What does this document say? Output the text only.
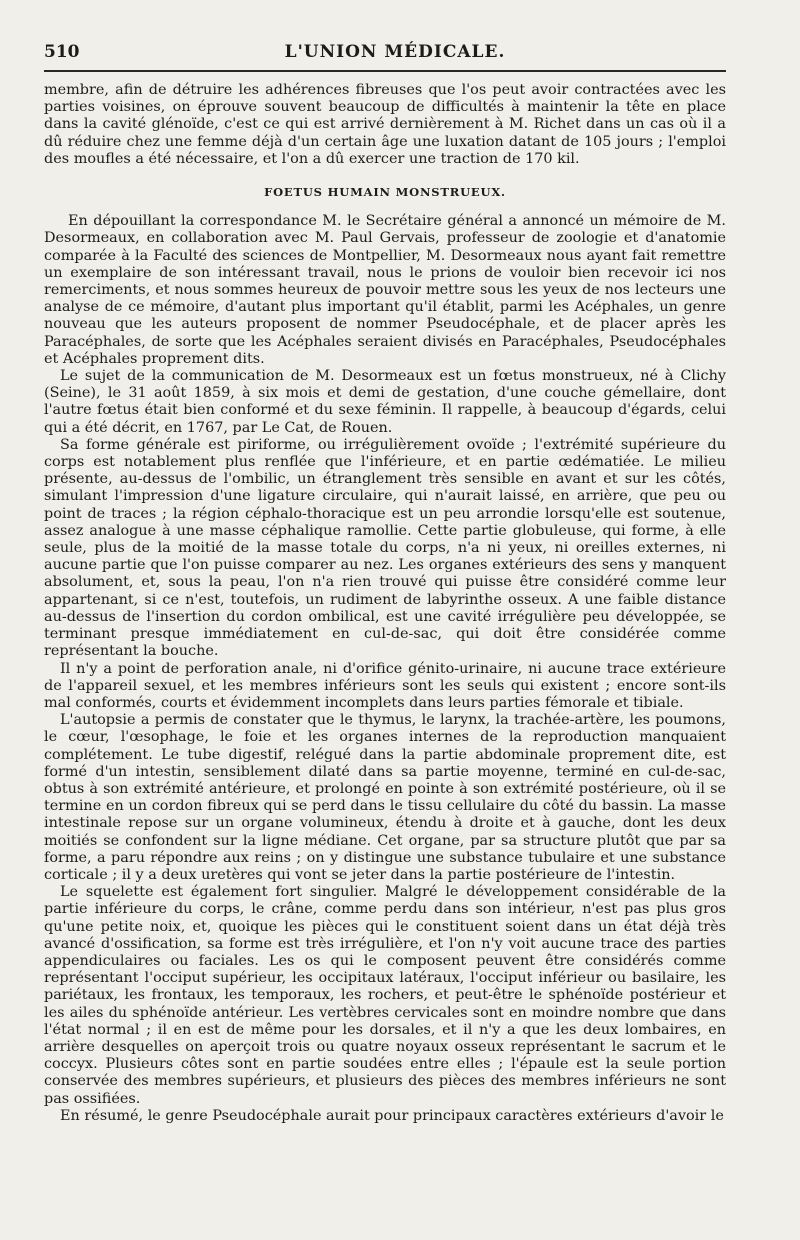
510	L'UNION MÉDICALE.

membre, afin de détruire les adhérences fibreuses que l'os peut avoir contractées avec les parties voisines, on éprouve souvent beaucoup de difficultés à maintenir la tête en place dans la cavité glénoïde, c'est ce qui est arrivé dernièrement à M. Richet dans un cas où il a dû réduire chez une femme déjà d'un certain âge une luxation datant de 105 jours ; l'emploi des moufles a été nécessaire, et l'on a dû exercer une traction de 170 kil.

FOETUS HUMAIN MONSTRUEUX.

En dépouillant la correspondance M. le Secrétaire général a annoncé un mémoire de M. Desormeaux, en collaboration avec M. Paul Gervais, professeur de zoologie et d'anatomie comparée à la Faculté des sciences de Montpellier, M. Desormeaux nous ayant fait remettre un exemplaire de son intéressant travail, nous le prions de vouloir bien recevoir ici nos remerciments, et nous sommes heureux de pouvoir mettre sous les yeux de nos lecteurs une analyse de ce mémoire, d'autant plus important qu'il établit, parmi les Acéphales, un genre nouveau que les auteurs proposent de nommer Pseudocéphale, et de placer après les Paracéphales, de sorte que les Acéphales seraient divisés en Paracéphales, Pseudocéphales et Acéphales proprement dits.

Le sujet de la communication de M. Desormeaux est un fœtus monstrueux, né à Clichy (Seine), le 31 août 1859, à six mois et demi de gestation, d'une couche gémellaire, dont l'autre fœtus était bien conformé et du sexe féminin. Il rappelle, à beaucoup d'égards, celui qui a été décrit, en 1767, par Le Cat, de Rouen.

Sa forme générale est piriforme, ou irrégulièrement ovoïde ; l'extrémité supérieure du corps est notablement plus renflée que l'inférieure, et en partie œdématiée. Le milieu présente, au-dessus de l'ombilic, un étranglement très sensible en avant et sur les côtés, simulant l'impression d'une ligature circulaire, qui n'aurait laissé, en arrière, que peu ou point de traces ; la région céphalo-thoracique est un peu arrondie lorsqu'elle est soutenue, assez analogue à une masse céphalique ramollie. Cette partie globuleuse, qui forme, à elle seule, plus de la moitié de la masse totale du corps, n'a ni yeux, ni oreilles externes, ni aucune partie que l'on puisse comparer au nez. Les organes extérieurs des sens y manquent absolument, et, sous la peau, l'on n'a rien trouvé qui puisse être considéré comme leur appartenant, si ce n'est, toutefois, un rudiment de labyrinthe osseux. A une faible distance au-dessus de l'insertion du cordon ombilical, est une cavité irrégulière peu développée, se terminant presque immédiatement en cul-de-sac, qui doit être considérée comme représentant la bouche.

Il n'y a point de perforation anale, ni d'orifice génito-urinaire, ni aucune trace extérieure de l'appareil sexuel, et les membres inférieurs sont les seuls qui existent ; encore sont-ils mal conformés, courts et évidemment incomplets dans leurs parties fémorale et tibiale.

L'autopsie a permis de constater que le thymus, le larynx, la trachée-artère, les poumons, le cœur, l'œsophage, le foie et les organes internes de la reproduction manquaient complétement. Le tube digestif, relégué dans la partie abdominale proprement dite, est formé d'un intestin, sensiblement dilaté dans sa partie moyenne, terminé en cul-de-sac, obtus à son extrémité antérieure, et prolongé en pointe à son extrémité postérieure, où il se termine en un cordon fibreux qui se perd dans le tissu cellulaire du côté du bassin. La masse intestinale repose sur un organe volumineux, étendu à droite et à gauche, dont les deux moitiés se confondent sur la ligne médiane. Cet organe, par sa structure plutôt que par sa forme, a paru répondre aux reins ; on y distingue une substance tubulaire et une substance corticale ; il y a deux uretères qui vont se jeter dans la partie postérieure de l'intestin.

Le squelette est également fort singulier. Malgré le développement considérable de la partie inférieure du corps, le crâne, comme perdu dans son intérieur, n'est pas plus gros qu'une petite noix, et, quoique les pièces qui le constituent soient dans un état déjà très avancé d'ossification, sa forme est très irrégulière, et l'on n'y voit aucune trace des parties appendiculaires ou faciales. Les os qui le composent peuvent être considérés comme représentant l'occiput supérieur, les occipitaux latéraux, l'occiput inférieur ou basilaire, les pariétaux, les frontaux, les temporaux, les rochers, et peut-être le sphénoïde postérieur et les ailes du sphénoïde antérieur. Les vertèbres cervicales sont en moindre nombre que dans l'état normal ; il en est de même pour les dorsales, et il n'y a que les deux lombaires, en arrière desquelles on aperçoit trois ou quatre noyaux osseux représentant le sacrum et le coccyx. Plusieurs côtes sont en partie soudées entre elles ; l'épaule est la seule portion conservée des membres supérieurs, et plusieurs des pièces des membres inférieurs ne sont pas ossifiées.

En résumé, le genre Pseudocéphale aurait pour principaux caractères extérieurs d'avoir le
